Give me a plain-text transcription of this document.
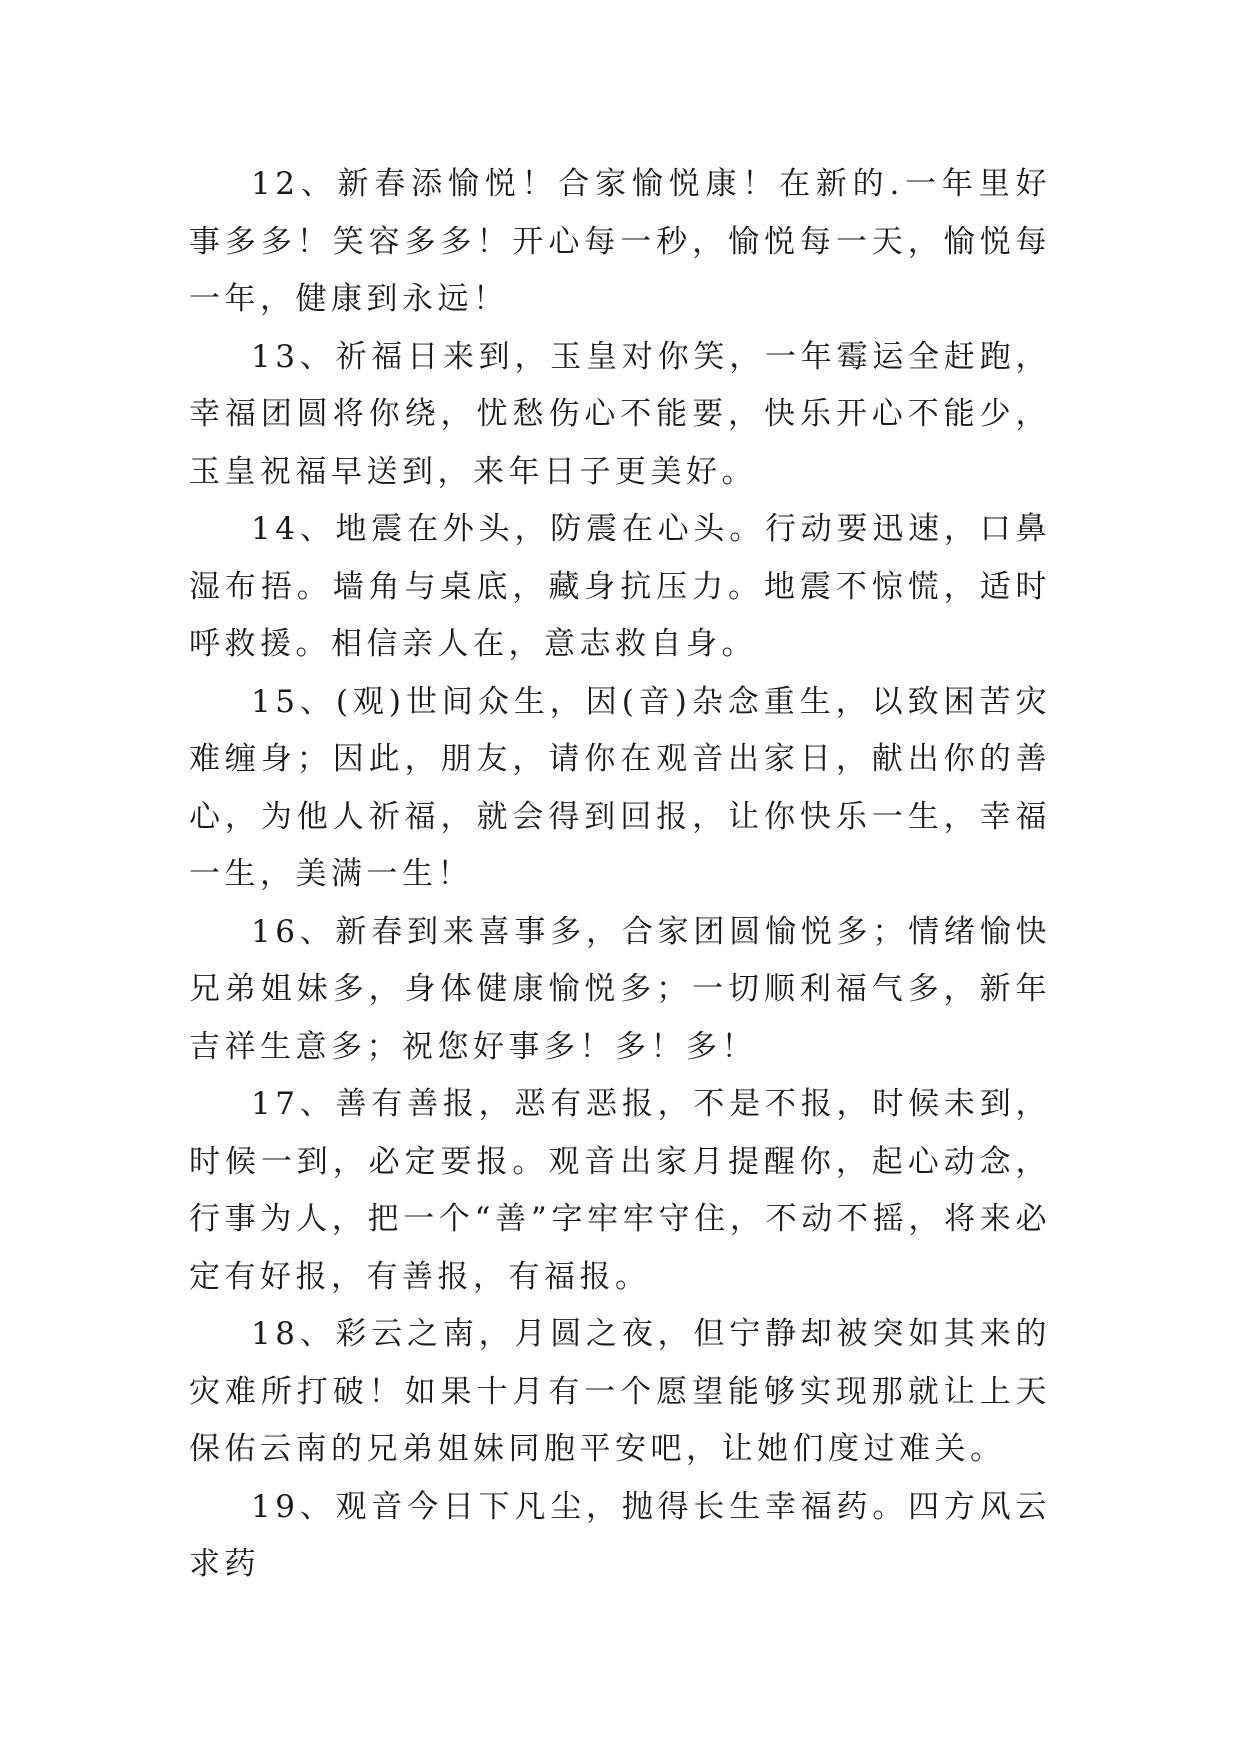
12、新春添愉悦！合家愉悦康！在新的.一年里好事多多！笑容多多！开心每一秒，愉悦每一天，愉悦每一年，健康到永远！

13、祈福日来到，玉皇对你笑，一年霉运全赶跑，幸福团圆将你绕，忧愁伤心不能要，快乐开心不能少，玉皇祝福早送到，来年日子更美好。

14、地震在外头，防震在心头。行动要迅速，口鼻湿布捂。墙角与桌底，藏身抗压力。地震不惊慌，适时呼救援。相信亲人在，意志救自身。

15、(观)世间众生，因(音)杂念重生，以致困苦灾难缠身；因此，朋友，请你在观音出家日，献出你的善心，为他人祈福，就会得到回报，让你快乐一生，幸福一生，美满一生！

16、新春到来喜事多，合家团圆愉悦多；情绪愉快兄弟姐妹多，身体健康愉悦多；一切顺利福气多，新年吉祥生意多；祝您好事多！多！多！

17、善有善报，恶有恶报，不是不报，时候未到，时候一到，必定要报。观音出家月提醒你，起心动念，行事为人，把一个“善”字牢牢守住，不动不摇，将来必定有好报，有善报，有福报。

18、彩云之南，月圆之夜，但宁静却被突如其来的灾难所打破！如果十月有一个愿望能够实现那就让上天保佑云南的兄弟姐妹同胞平安吧，让她们度过难关。

19、观音今日下凡尘，抛得长生幸福药。四方风云求药
